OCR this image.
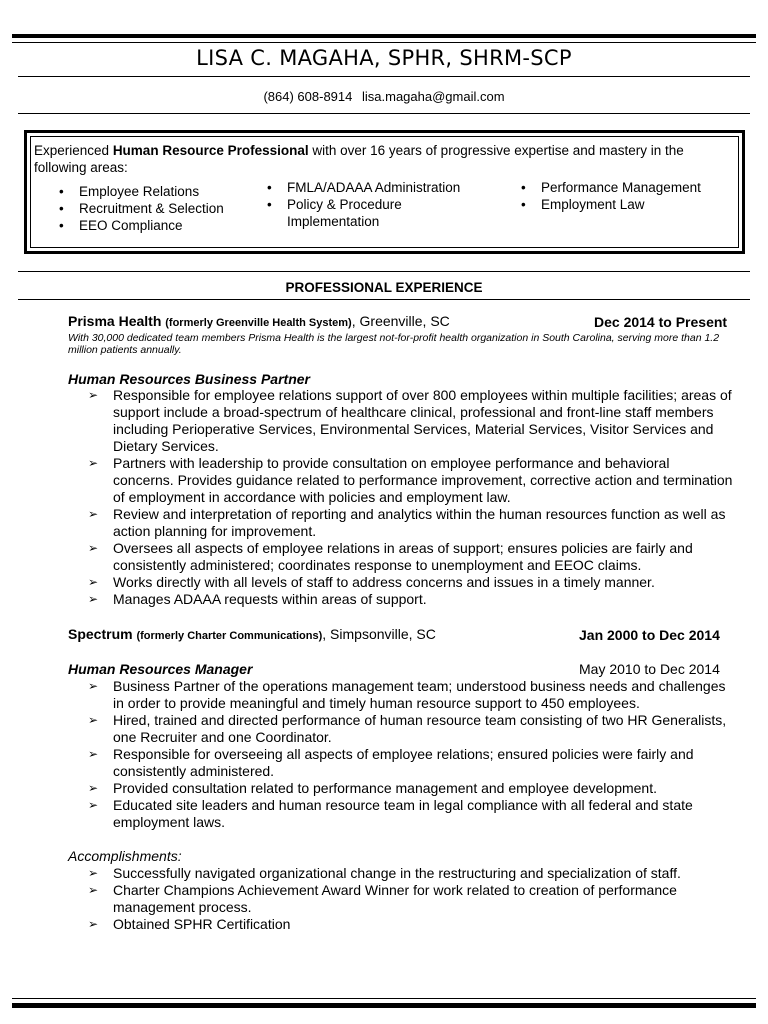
LISA C. MAGAHA, SPHR, SHRM-SCP
(864) 608-8914 lisa.magaha@gmail.com
Experienced Human Resource Professional with over 16 years of progressive expertise and mastery in the following areas:
• Employee Relations
• Recruitment & Selection
• EEO Compliance
• FMLA/ADAAA Administration
• Policy & Procedure Implementation
• Performance Management
• Employment Law
PROFESSIONAL EXPERIENCE
Prisma Health (formerly Greenville Health System), Greenville, SC	Dec 2014 to Present
With 30,000 dedicated team members Prisma Health is the largest not-for-profit health organization in South Carolina, serving more than 1.2 million patients annually.
Human Resources Business Partner
➢ Responsible for employee relations support of over 800 employees within multiple facilities; areas of support include a broad-spectrum of healthcare clinical, professional and front-line staff members including Perioperative Services, Environmental Services, Material Services, Visitor Services and Dietary Services.
➢ Partners with leadership to provide consultation on employee performance and behavioral concerns. Provides guidance related to performance improvement, corrective action and termination of employment in accordance with policies and employment law.
➢ Review and interpretation of reporting and analytics within the human resources function as well as action planning for improvement.
➢ Oversees all aspects of employee relations in areas of support; ensures policies are fairly and consistently administered; coordinates response to unemployment and EEOC claims.
➢ Works directly with all levels of staff to address concerns and issues in a timely manner.
➢ Manages ADAAA requests within areas of support.
Spectrum (formerly Charter Communications), Simpsonville, SC	Jan 2000 to Dec 2014
Human Resources Manager	May 2010 to Dec 2014
➢ Business Partner of the operations management team; understood business needs and challenges in order to provide meaningful and timely human resource support to 450 employees.
➢ Hired, trained and directed performance of human resource team consisting of two HR Generalists, one Recruiter and one Coordinator.
➢ Responsible for overseeing all aspects of employee relations; ensured policies were fairly and consistently administered.
➢ Provided consultation related to performance management and employee development.
➢ Educated site leaders and human resource team in legal compliance with all federal and state employment laws.
Accomplishments:
➢ Successfully navigated organizational change in the restructuring and specialization of staff.
➢ Charter Champions Achievement Award Winner for work related to creation of performance management process.
➢ Obtained SPHR Certification
